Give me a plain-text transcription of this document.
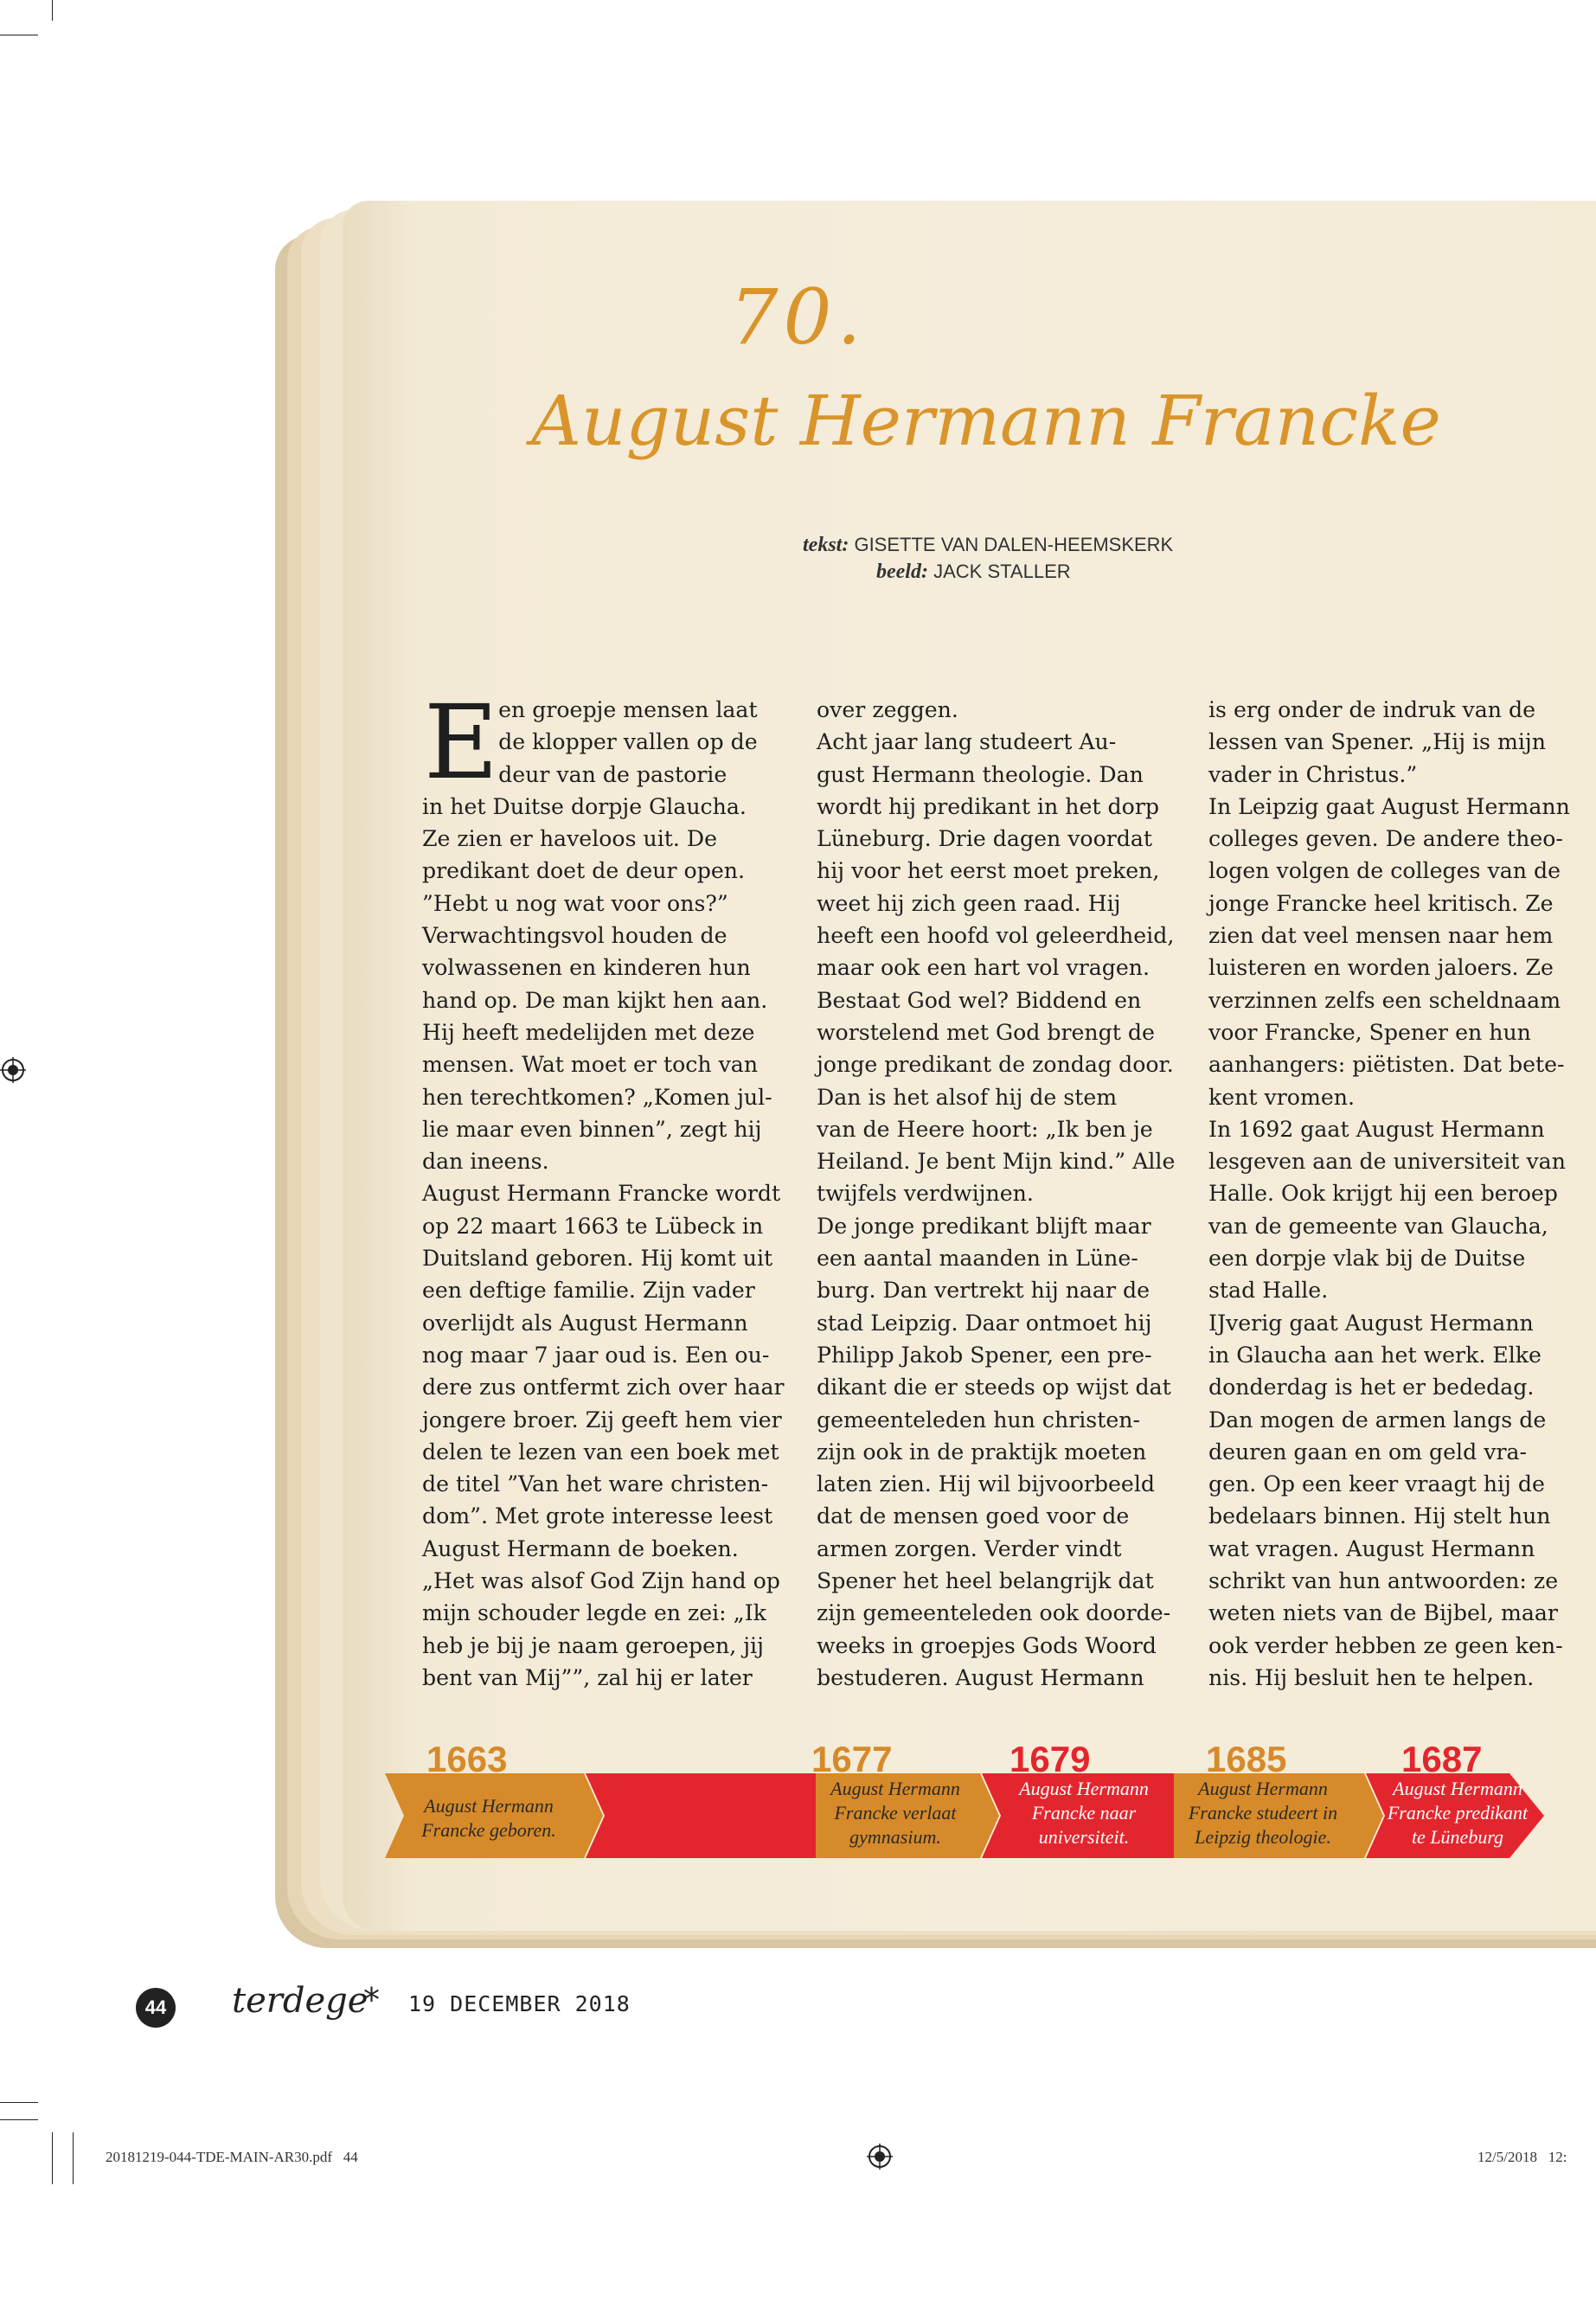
70.
August Hermann Francke
tekst: GISETTE VAN DALEN-HEEMSKERK
beeld: JACK STALLER
E en groepje mensen laat
de klopper vallen op de
deur van de pastorie
in het Duitse dorpje Glaucha.
Ze zien er haveloos uit. De
predikant doet de deur open.
”Hebt u nog wat voor ons?”
Verwachtingsvol houden de
volwassenen en kinderen hun
hand op. De man kijkt hen aan.
Hij heeft medelijden met deze
mensen. Wat moet er toch van
hen terechtkomen? „Komen jul-
lie maar even binnen”, zegt hij
dan ineens.
August Hermann Francke wordt
op 22 maart 1663 te Lübeck in
Duitsland geboren. Hij komt uit
een deftige familie. Zijn vader
overlijdt als August Hermann
nog maar 7 jaar oud is. Een ou-
dere zus ontfermt zich over haar
jongere broer. Zij geeft hem vier
delen te lezen van een boek met
de titel ”Van het ware christen-
dom”. Met grote interesse leest
August Hermann de boeken.
„Het was alsof God Zijn hand op
mijn schouder legde en zei: „Ik
heb je bij je naam geroepen, jij
bent van Mij””, zal hij er later
over zeggen.
Acht jaar lang studeert Au-
gust Hermann theologie. Dan
wordt hij predikant in het dorp
Lüneburg. Drie dagen voordat
hij voor het eerst moet preken,
weet hij zich geen raad. Hij
heeft een hoofd vol geleerdheid,
maar ook een hart vol vragen.
Bestaat God wel? Biddend en
worstelend met God brengt de
jonge predikant de zondag door.
Dan is het alsof hij de stem
van de Heere hoort: „Ik ben je
Heiland. Je bent Mijn kind.” Alle
twijfels verdwijnen.
De jonge predikant blijft maar
een aantal maanden in Lüne-
burg. Dan vertrekt hij naar de
stad Leipzig. Daar ontmoet hij
Philipp Jakob Spener, een pre-
dikant die er steeds op wijst dat
gemeenteleden hun christen-
zijn ook in de praktijk moeten
laten zien. Hij wil bijvoorbeeld
dat de mensen goed voor de
armen zorgen. Verder vindt
Spener het heel belangrijk dat
zijn gemeenteleden ook doorde-
weeks in groepjes Gods Woord
bestuderen. August Hermann
is erg onder de indruk van de
lessen van Spener. „Hij is mijn
vader in Christus.”
In Leipzig gaat August Hermann
colleges geven. De andere theo-
logen volgen de colleges van de
jonge Francke heel kritisch. Ze
zien dat veel mensen naar hem
luisteren en worden jaloers. Ze
verzinnen zelfs een scheldnaam
voor Francke, Spener en hun
aanhangers: piëtisten. Dat bete-
kent vromen.
In 1692 gaat August Hermann
lesgeven aan de universiteit van
Halle. Ook krijgt hij een beroep
van de gemeente van Glaucha,
een dorpje vlak bij de Duitse
stad Halle.
IJverig gaat August Hermann
in Glaucha aan het werk. Elke
donderdag is het er bededag.
Dan mogen de armen langs de
deuren gaan en om geld vra-
gen. Op een keer vraagt hij de
bedelaars binnen. Hij stelt hun
wat vragen. August Hermann
schrikt van hun antwoorden: ze
weten niets van de Bijbel, maar
ook verder hebben ze geen ken-
nis. Hij besluit hen te helpen.
1663
August Hermann
Francke geboren.
1677
August Hermann
Francke verlaat
gymnasium.
1679
August Hermann
Francke naar
universiteit.
1685
August Hermann
Francke studeert in
Leipzig theologie.
1687
August Hermann
Francke predikant
te Lüneburg
44 terdege
* 19 DECEMBER 2018
20181219-044-TDE-MAIN-AR30.pdf   44	12/5/2018   12:
